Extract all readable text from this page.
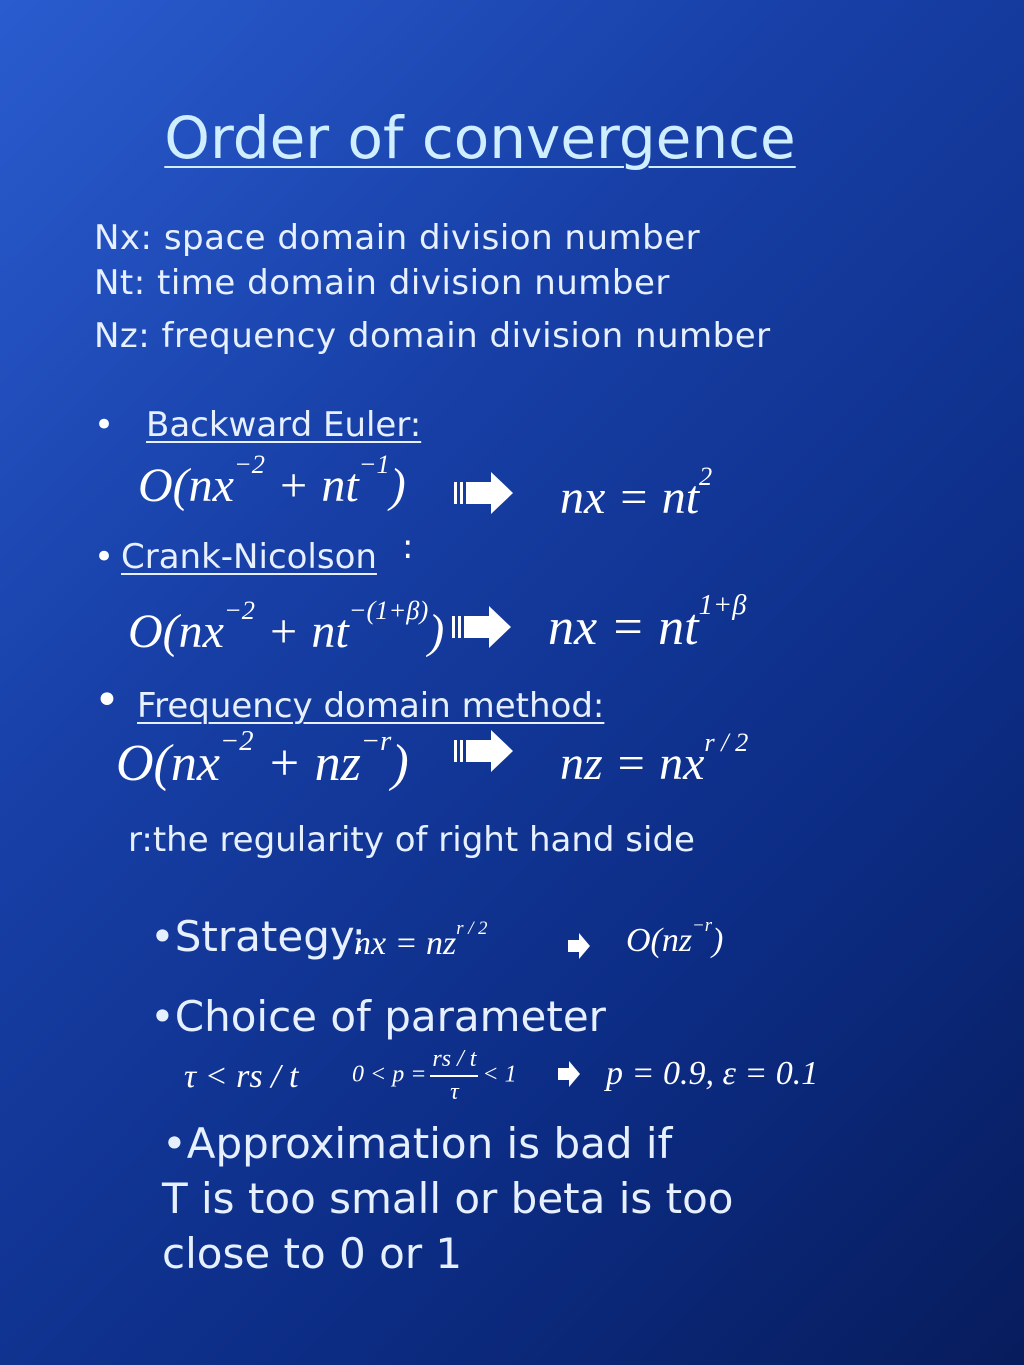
Order of convergence
Nx: space domain division number
Nt: time domain division number
Nz: frequency domain division number
• Backward Euler:
$O(nx^{-2} + nt^{-1})$	nx = $nt^2$
• Crank-Nicolson :
$O(nx^{-2} + nt^{-(1+\beta)})$ nx = $nt^{1+\beta}$
• Frequency domain method:
$O(nx^{-2} + nz^{-r})$	nz = $nx^{r / 2}$
r:the regularity of right hand side
•Strategy:
nx = $nz^{r / 2}$	$O(nz^{-r})$
•Choice of parameter
τ < rs / t $0 < p = \frac{rs / t}{\tau} < 1$	p = 0.9, ε = 0.1
•Approximation is bad if
T is too small or beta is too
close to 0 or 1
